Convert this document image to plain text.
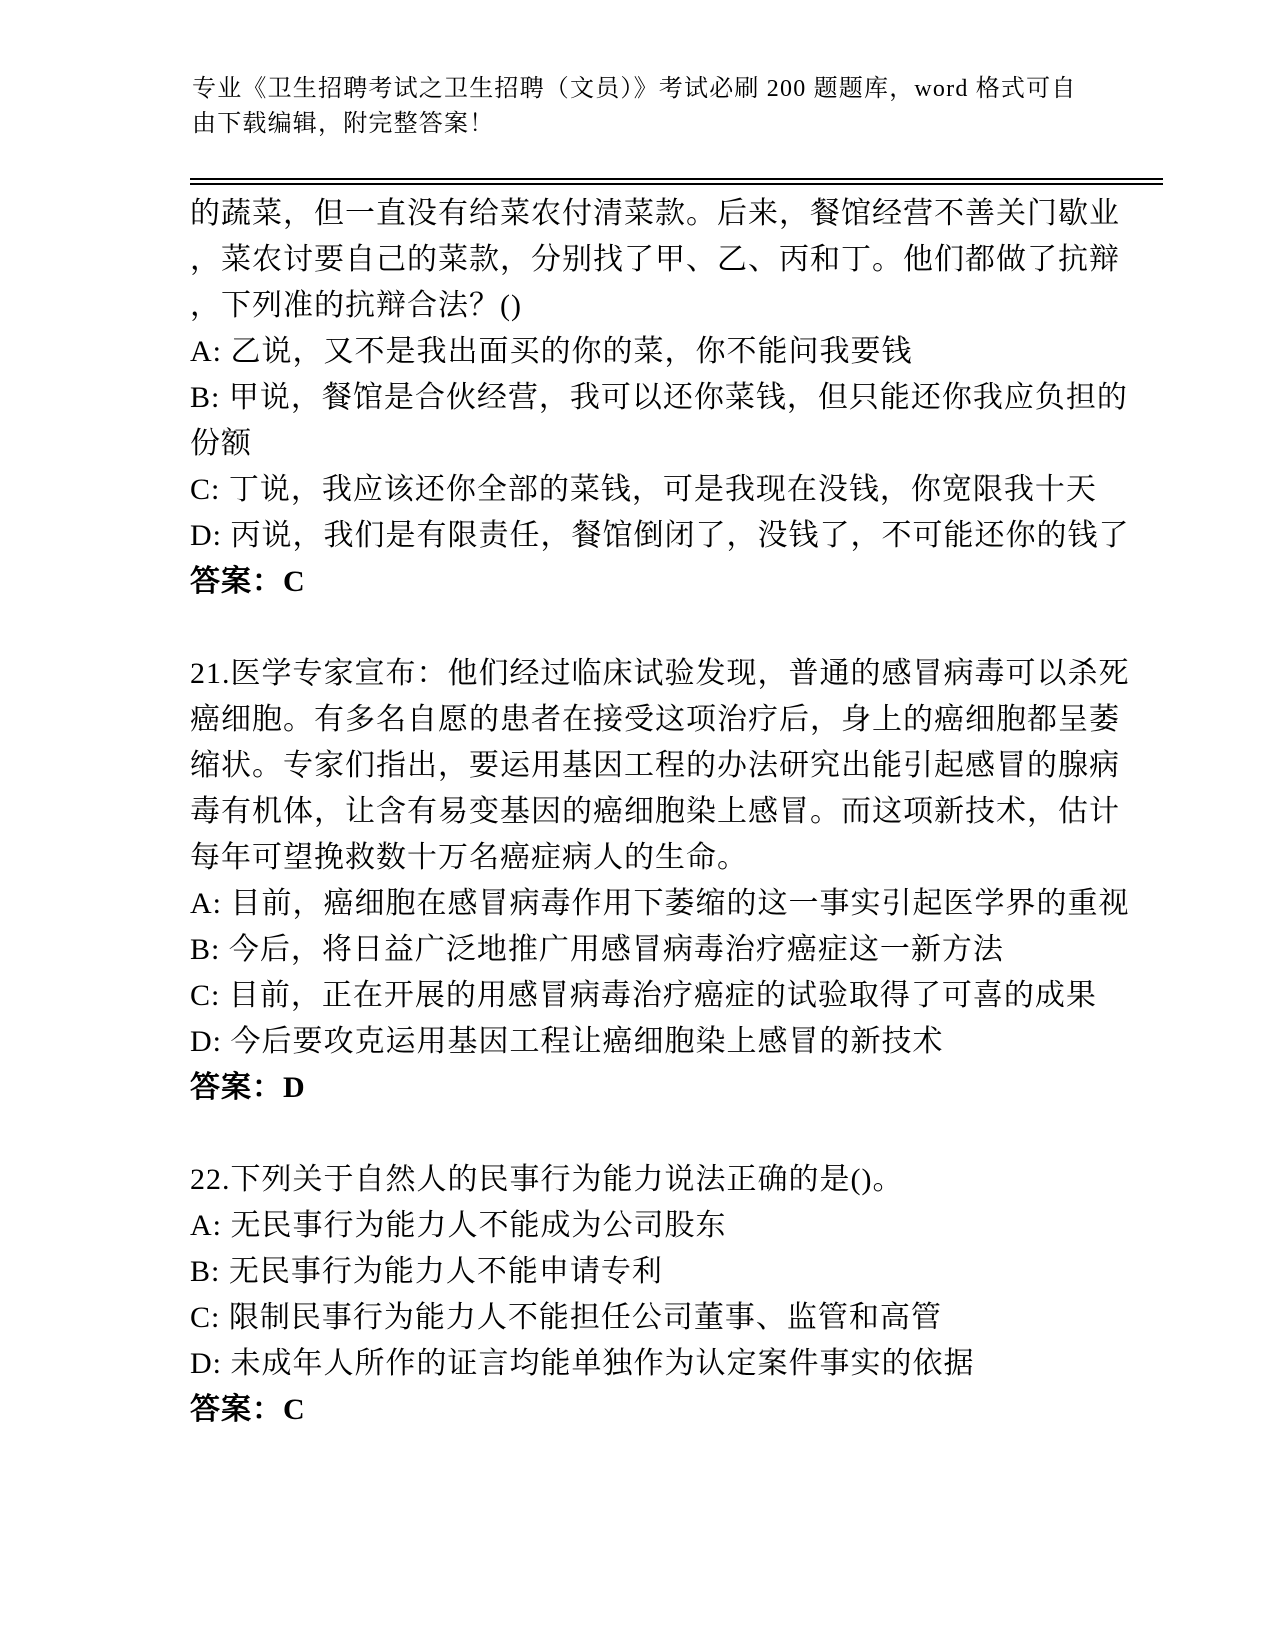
专业《卫生招聘考试之卫生招聘（文员）》考试必刷 200 题题库，word 格式可自
由下载编辑，附完整答案！
的蔬菜，但一直没有给菜农付清菜款。后来，餐馆经营不善关门歇业
，菜农讨要自己的菜款，分别找了甲、乙、丙和丁。他们都做了抗辩
，下列准的抗辩合法？()
A: 乙说，又不是我出面买的你的菜，你不能问我要钱
B: 甲说，餐馆是合伙经营，我可以还你菜钱，但只能还你我应负担的
份额
C: 丁说，我应该还你全部的菜钱，可是我现在没钱，你宽限我十天
D: 丙说，我们是有限责任，餐馆倒闭了，没钱了，不可能还你的钱了
答案：C
21.医学专家宣布：他们经过临床试验发现，普通的感冒病毒可以杀死
癌细胞。有多名自愿的患者在接受这项治疗后，身上的癌细胞都呈萎
缩状。专家们指出，要运用基因工程的办法研究出能引起感冒的腺病
毒有机体，让含有易变基因的癌细胞染上感冒。而这项新技术，估计
每年可望挽救数十万名癌症病人的生命。
A: 目前，癌细胞在感冒病毒作用下萎缩的这一事实引起医学界的重视
B: 今后，将日益广泛地推广用感冒病毒治疗癌症这一新方法
C: 目前，正在开展的用感冒病毒治疗癌症的试验取得了可喜的成果
D: 今后要攻克运用基因工程让癌细胞染上感冒的新技术
答案：D
22.下列关于自然人的民事行为能力说法正确的是()。
A: 无民事行为能力人不能成为公司股东
B: 无民事行为能力人不能申请专利
C: 限制民事行为能力人不能担任公司董事、监管和高管
D: 未成年人所作的证言均能单独作为认定案件事实的依据
答案：C
